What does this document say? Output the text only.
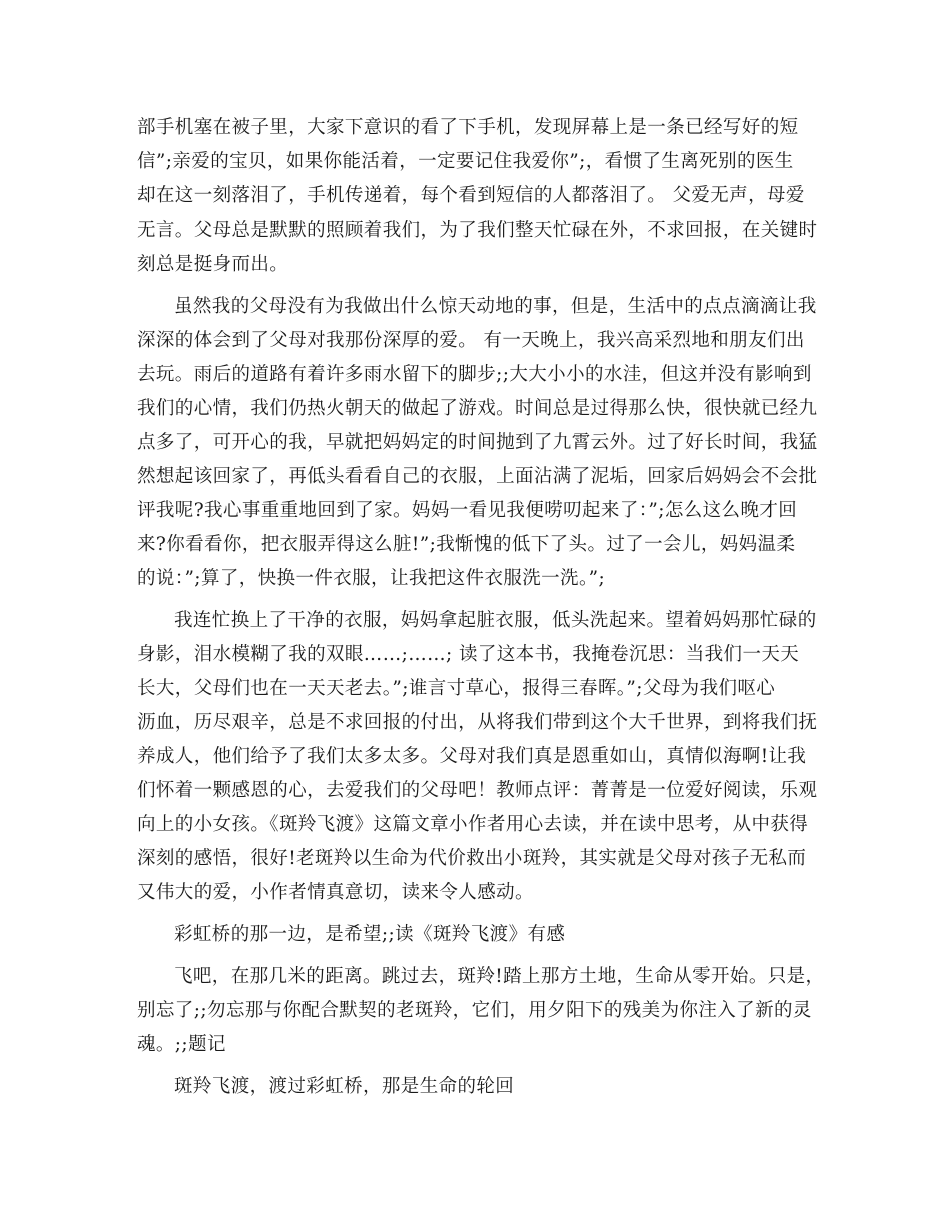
部手机塞在被子里，大家下意识的看了下手机，发现屏幕上是一条已经写好的短
信”;亲爱的宝贝，如果你能活着，一定要记住我爱你”;，看惯了生离死别的医生
却在这一刻落泪了，手机传递着，每个看到短信的人都落泪了。 父爱无声，母爱
无言。父母总是默默的照顾着我们，为了我们整天忙碌在外，不求回报，在关键时
刻总是挺身而出。
虽然我的父母没有为我做出什么惊天动地的事，但是，生活中的点点滴滴让我
深深的体会到了父母对我那份深厚的爱。 有一天晚上，我兴高采烈地和朋友们出
去玩。雨后的道路有着许多雨水留下的脚步;;大大小小的水洼，但这并没有影响到
我们的心情，我们仍热火朝天的做起了游戏。时间总是过得那么快，很快就已经九
点多了，可开心的我，早就把妈妈定的时间抛到了九霄云外。过了好长时间，我猛
然想起该回家了，再低头看看自己的衣服，上面沾满了泥垢，回家后妈妈会不会批
评我呢?我心事重重地回到了家。妈妈一看见我便唠叨起来了：”;怎么这么晚才回
来?你看看你，把衣服弄得这么脏!”;我惭愧的低下了头。过了一会儿，妈妈温柔
的说：”;算了，快换一件衣服，让我把这件衣服洗一洗。”;
我连忙换上了干净的衣服，妈妈拿起脏衣服，低头洗起来。望着妈妈那忙碌的
身影，泪水模糊了我的双眼……;……; 读了这本书，我掩卷沉思：当我们一天天
长大，父母们也在一天天老去。”;谁言寸草心，报得三春晖。”;父母为我们呕心
沥血，历尽艰辛，总是不求回报的付出，从将我们带到这个大千世界，到将我们抚
养成人，他们给予了我们太多太多。父母对我们真是恩重如山，真情似海啊!让我
们怀着一颗感恩的心，去爱我们的父母吧！教师点评：菁菁是一位爱好阅读，乐观
向上的小女孩。《斑羚飞渡》这篇文章小作者用心去读，并在读中思考，从中获得
深刻的感悟，很好!老斑羚以生命为代价救出小斑羚，其实就是父母对孩子无私而
又伟大的爱，小作者情真意切，读来令人感动。
彩虹桥的那一边，是希望;;读《斑羚飞渡》有感
飞吧，在那几米的距离。跳过去，斑羚!踏上那方土地，生命从零开始。只是，
别忘了;;勿忘那与你配合默契的老斑羚，它们，用夕阳下的残美为你注入了新的灵
魂。;;题记
斑羚飞渡，渡过彩虹桥，那是生命的轮回
